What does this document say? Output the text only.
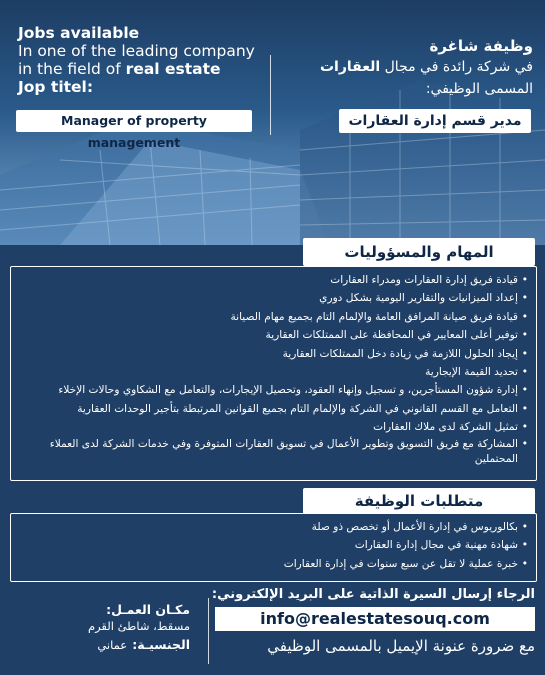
Jobs available
In one of the leading company
in the field of real estate
Jop titel:
Manager of property management
وظيفة شاغرة
في شركة رائدة في مجال العقارات
المسمى الوظيفي:
مدير قسم إدارة العقارات
المهام والمسؤوليات
• قيادة فريق إدارة العقارات ومدراء العقارات
• إعداد الميزانيات والتقارير اليومية بشكل دوري
• قيادة فريق صيانة المرافق العامة والإلمام التام بجميع مهام الصيانة
• توفير أعلى المعايير في المحافظة على الممتلكات العقارية
• إيجاد الحلول اللازمة في زيادة دخل الممتلكات العقارية
• تحديد القيمة الإيجارية
• إدارة شؤون المستأجرين، و تسجيل وإنهاء العقود، وتحصيل الإيجارات، والتعامل مع الشكاوي وحالات الإخلاء
• التعامل مع القسم القانوني في الشركة والإلمام التام بجميع القوانين المرتبطة بتأجير الوحدات العقارية
• تمثيل الشركة لدى ملاك العقارات
• المشاركة مع فريق التسويق وتطوير الأعمال في تسويق العقارات المتوفرة وفي خدمات الشركة لدى العملاء المحتملين
متطلبات الوظيفة
• بكالوريوس في إدارة الأعمال أو تخصص ذو صلة
• شهادة مهنية في مجال إدارة العقارات
• خبرة عملية لا تقل عن سبع سنوات في إدارة العقارات
الرجاء إرسال السيرة الذاتية على البريد الإلكتروني:
info@realestatesouq.com
مع ضرورة عنونة الإيميل بالمسمى الوظيفي
مكـان العمـل:
مسقط، شاطئ القرم
الجنسيـة: عماني
